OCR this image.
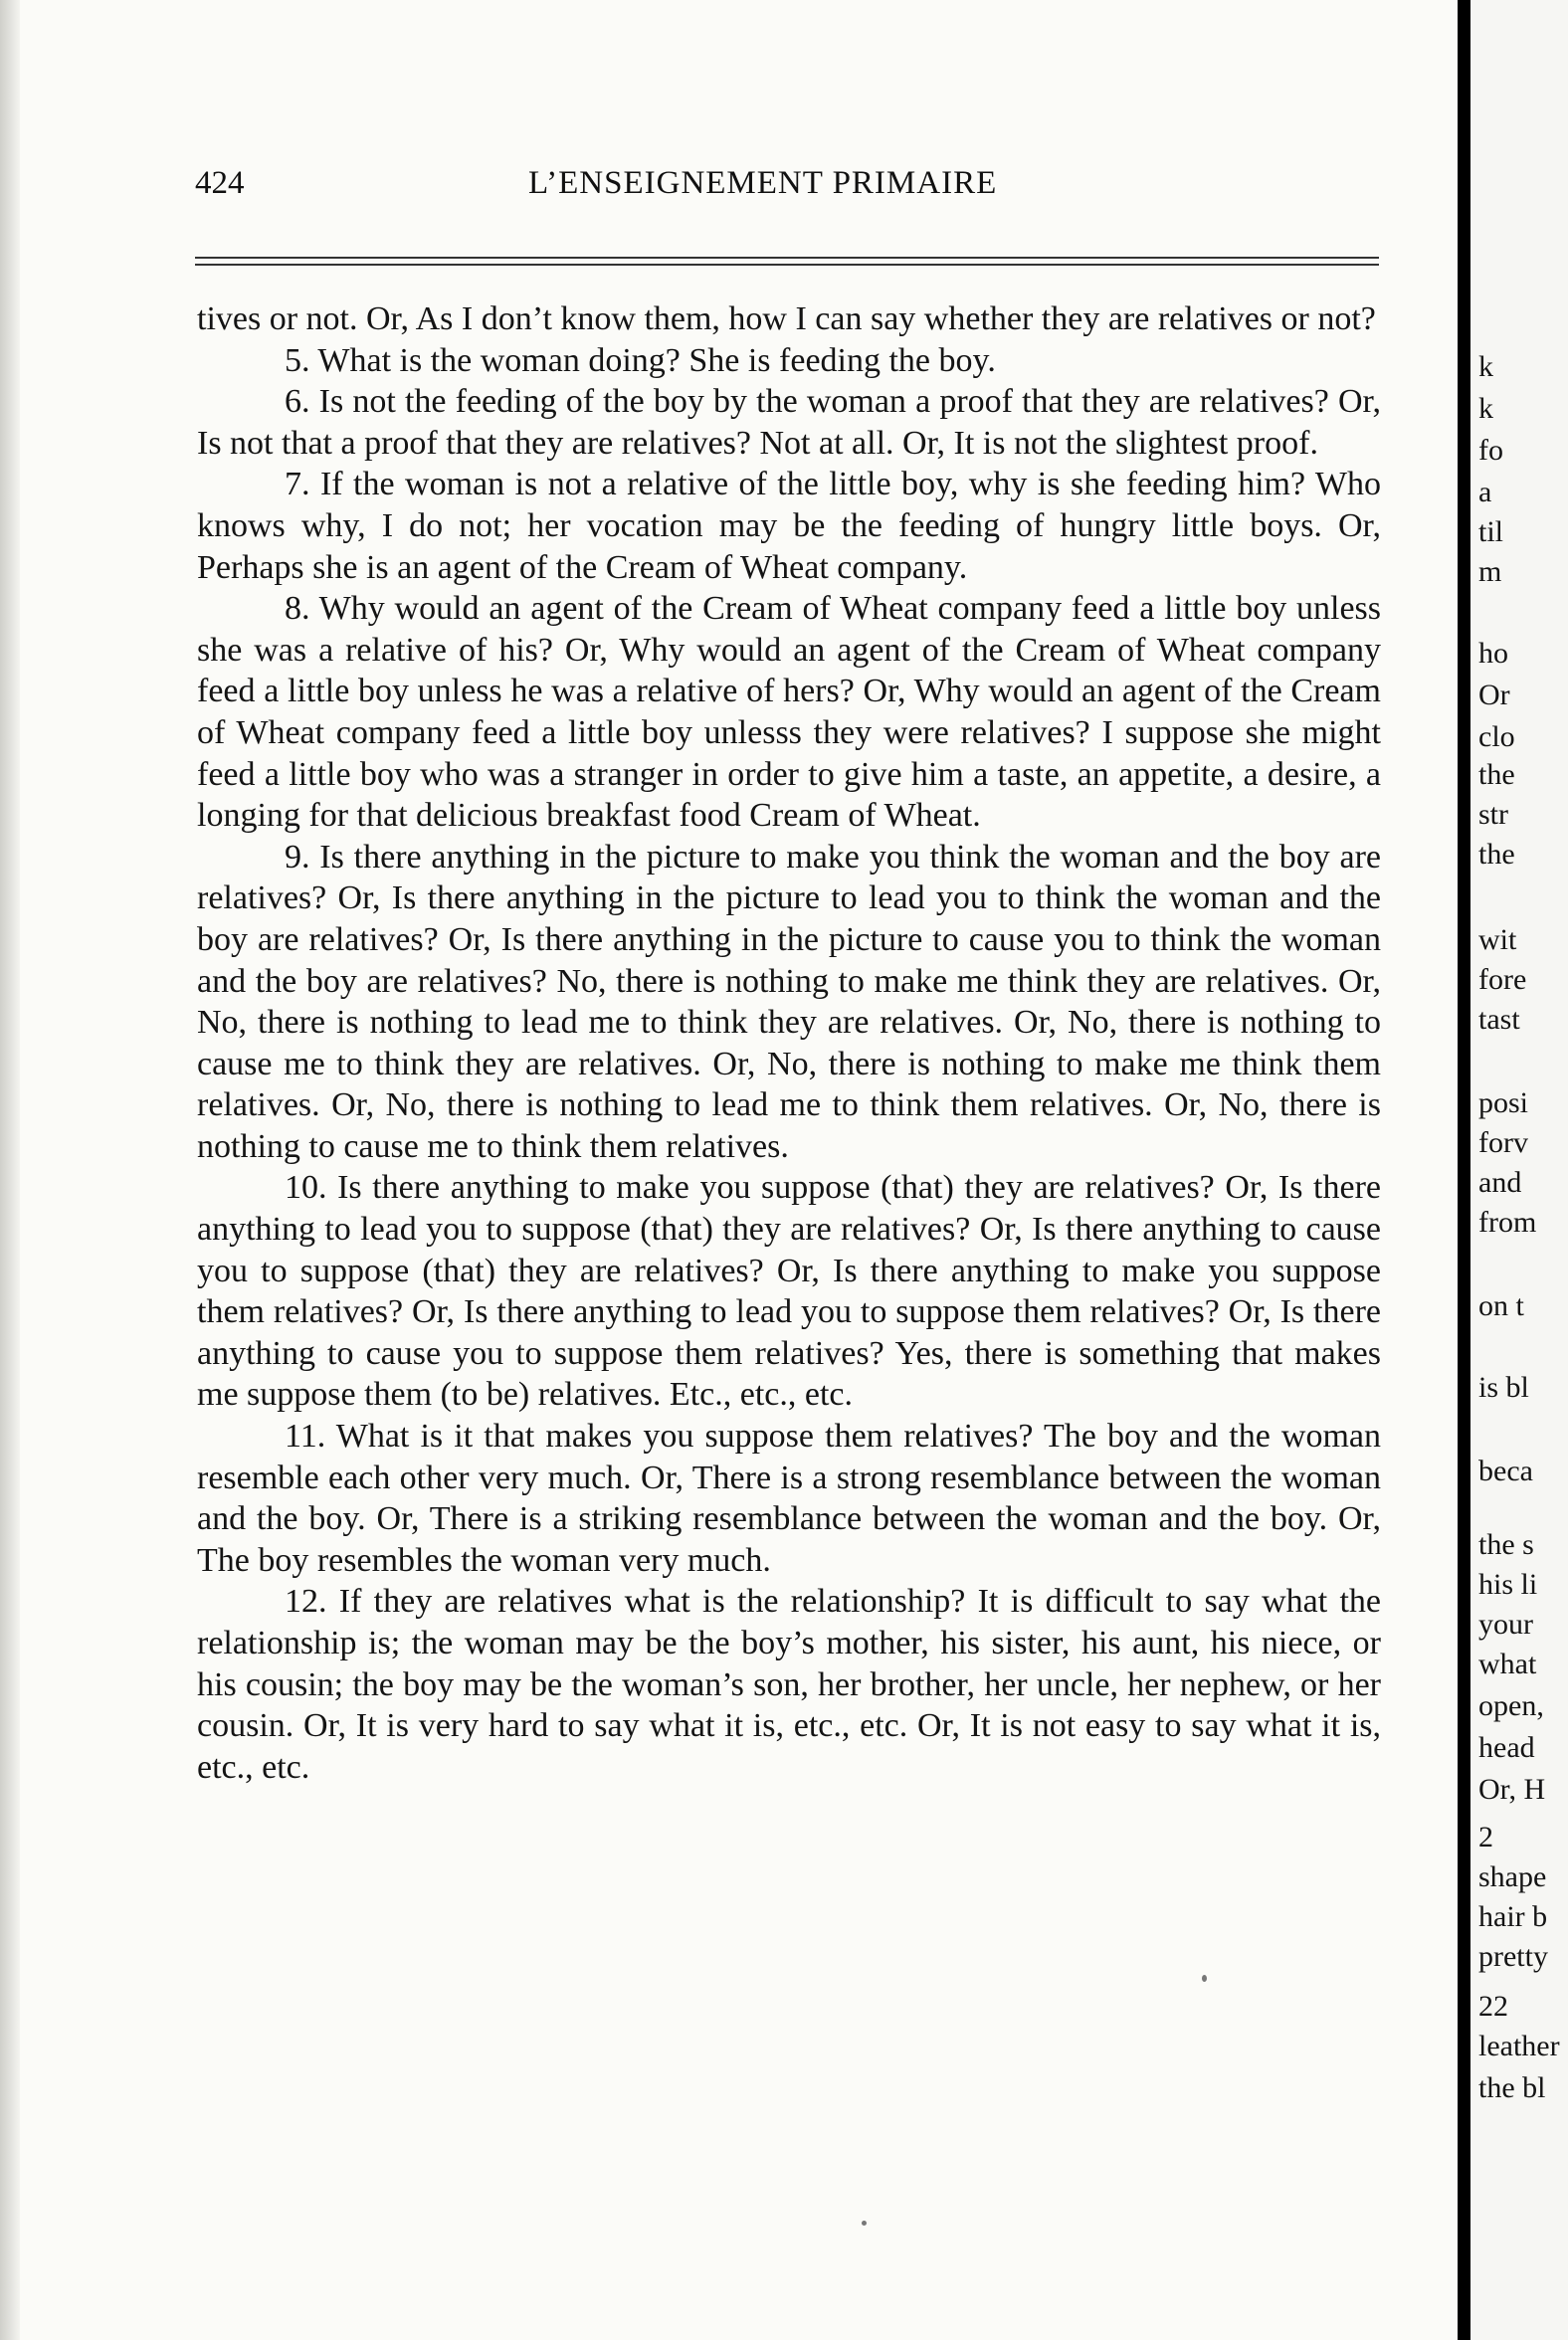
424	L’ENSEIGNEMENT PRIMAIRE

tives or not. Or, As I don’t know them, how I can say whether they are relatives or not?

5. What is the woman doing? She is feeding the boy.

6. Is not the feeding of the boy by the woman a proof that they are relatives? Or, Is not that a proof that they are relatives? Not at all. Or, It is not the slightest proof.

7. If the woman is not a relative of the little boy, why is she feeding him? Who knows why, I do not; her vocation may be the feeding of hungry little boys. Or, Perhaps she is an agent of the Cream of Wheat company.

8. Why would an agent of the Cream of Wheat company feed a little boy unless she was a relative of his? Or, Why would an agent of the Cream of Wheat company feed a little boy unless he was a relative of hers? Or, Why would an agent of the Cream of Wheat company feed a little boy unlesss they were relatives? I suppose she might feed a little boy who was a stranger in order to give him a taste, an appetite, a desire, a longing for that delicious breakfast food Cream of Wheat.

9. Is there anything in the picture to make you think the woman and the boy are relatives? Or, Is there anything in the picture to lead you to think the woman and the boy are relatives? Or, Is there anything in the picture to cause you to think the woman and the boy are relatives? No, there is nothing to make me think they are relatives. Or, No, there is nothing to lead me to think they are relatives. Or, No, there is nothing to cause me to think they are relatives. Or, No, there is nothing to make me think them relatives. Or, No, there is nothing to lead me to think them relatives. Or, No, there is nothing to cause me to think them relatives.

10. Is there anything to make you suppose (that) they are relatives? Or, Is there anything to lead you to suppose (that) they are relatives? Or, Is there anything to cause you to suppose (that) they are relatives? Or, Is there anything to make you suppose them relatives? Or, Is there anything to lead you to suppose them relatives? Or, Is there anything to cause you to suppose them relatives? Yes, there is something that makes me suppose them (to be) relatives. Etc., etc., etc.

11. What is it that makes you suppose them relatives? The boy and the woman resemble each other very much. Or, There is a strong resemblance between the woman and the boy. Or, There is a striking resemblance between the woman and the boy. Or, The boy resembles the woman very much.

12. If they are relatives what is the relationship? It is difficult to say what the relationship is; the woman may be the boy’s mother, his sister, his aunt, his niece, or his cousin; the boy may be the woman’s son, her brother, her uncle, her nephew, or her cousin. Or, It is very hard to say what it is, etc., etc. Or, It is not easy to say what it is, etc., etc.

k
k
fo
a
til
m
ho
Or
clo
the
str
the
wit
fore
tast
posi
forv
and
from
on t
is bl
beca
the s
his li
your
what
open,
head
Or, H
2
shape
hair b
pretty
22
leather
the bl
